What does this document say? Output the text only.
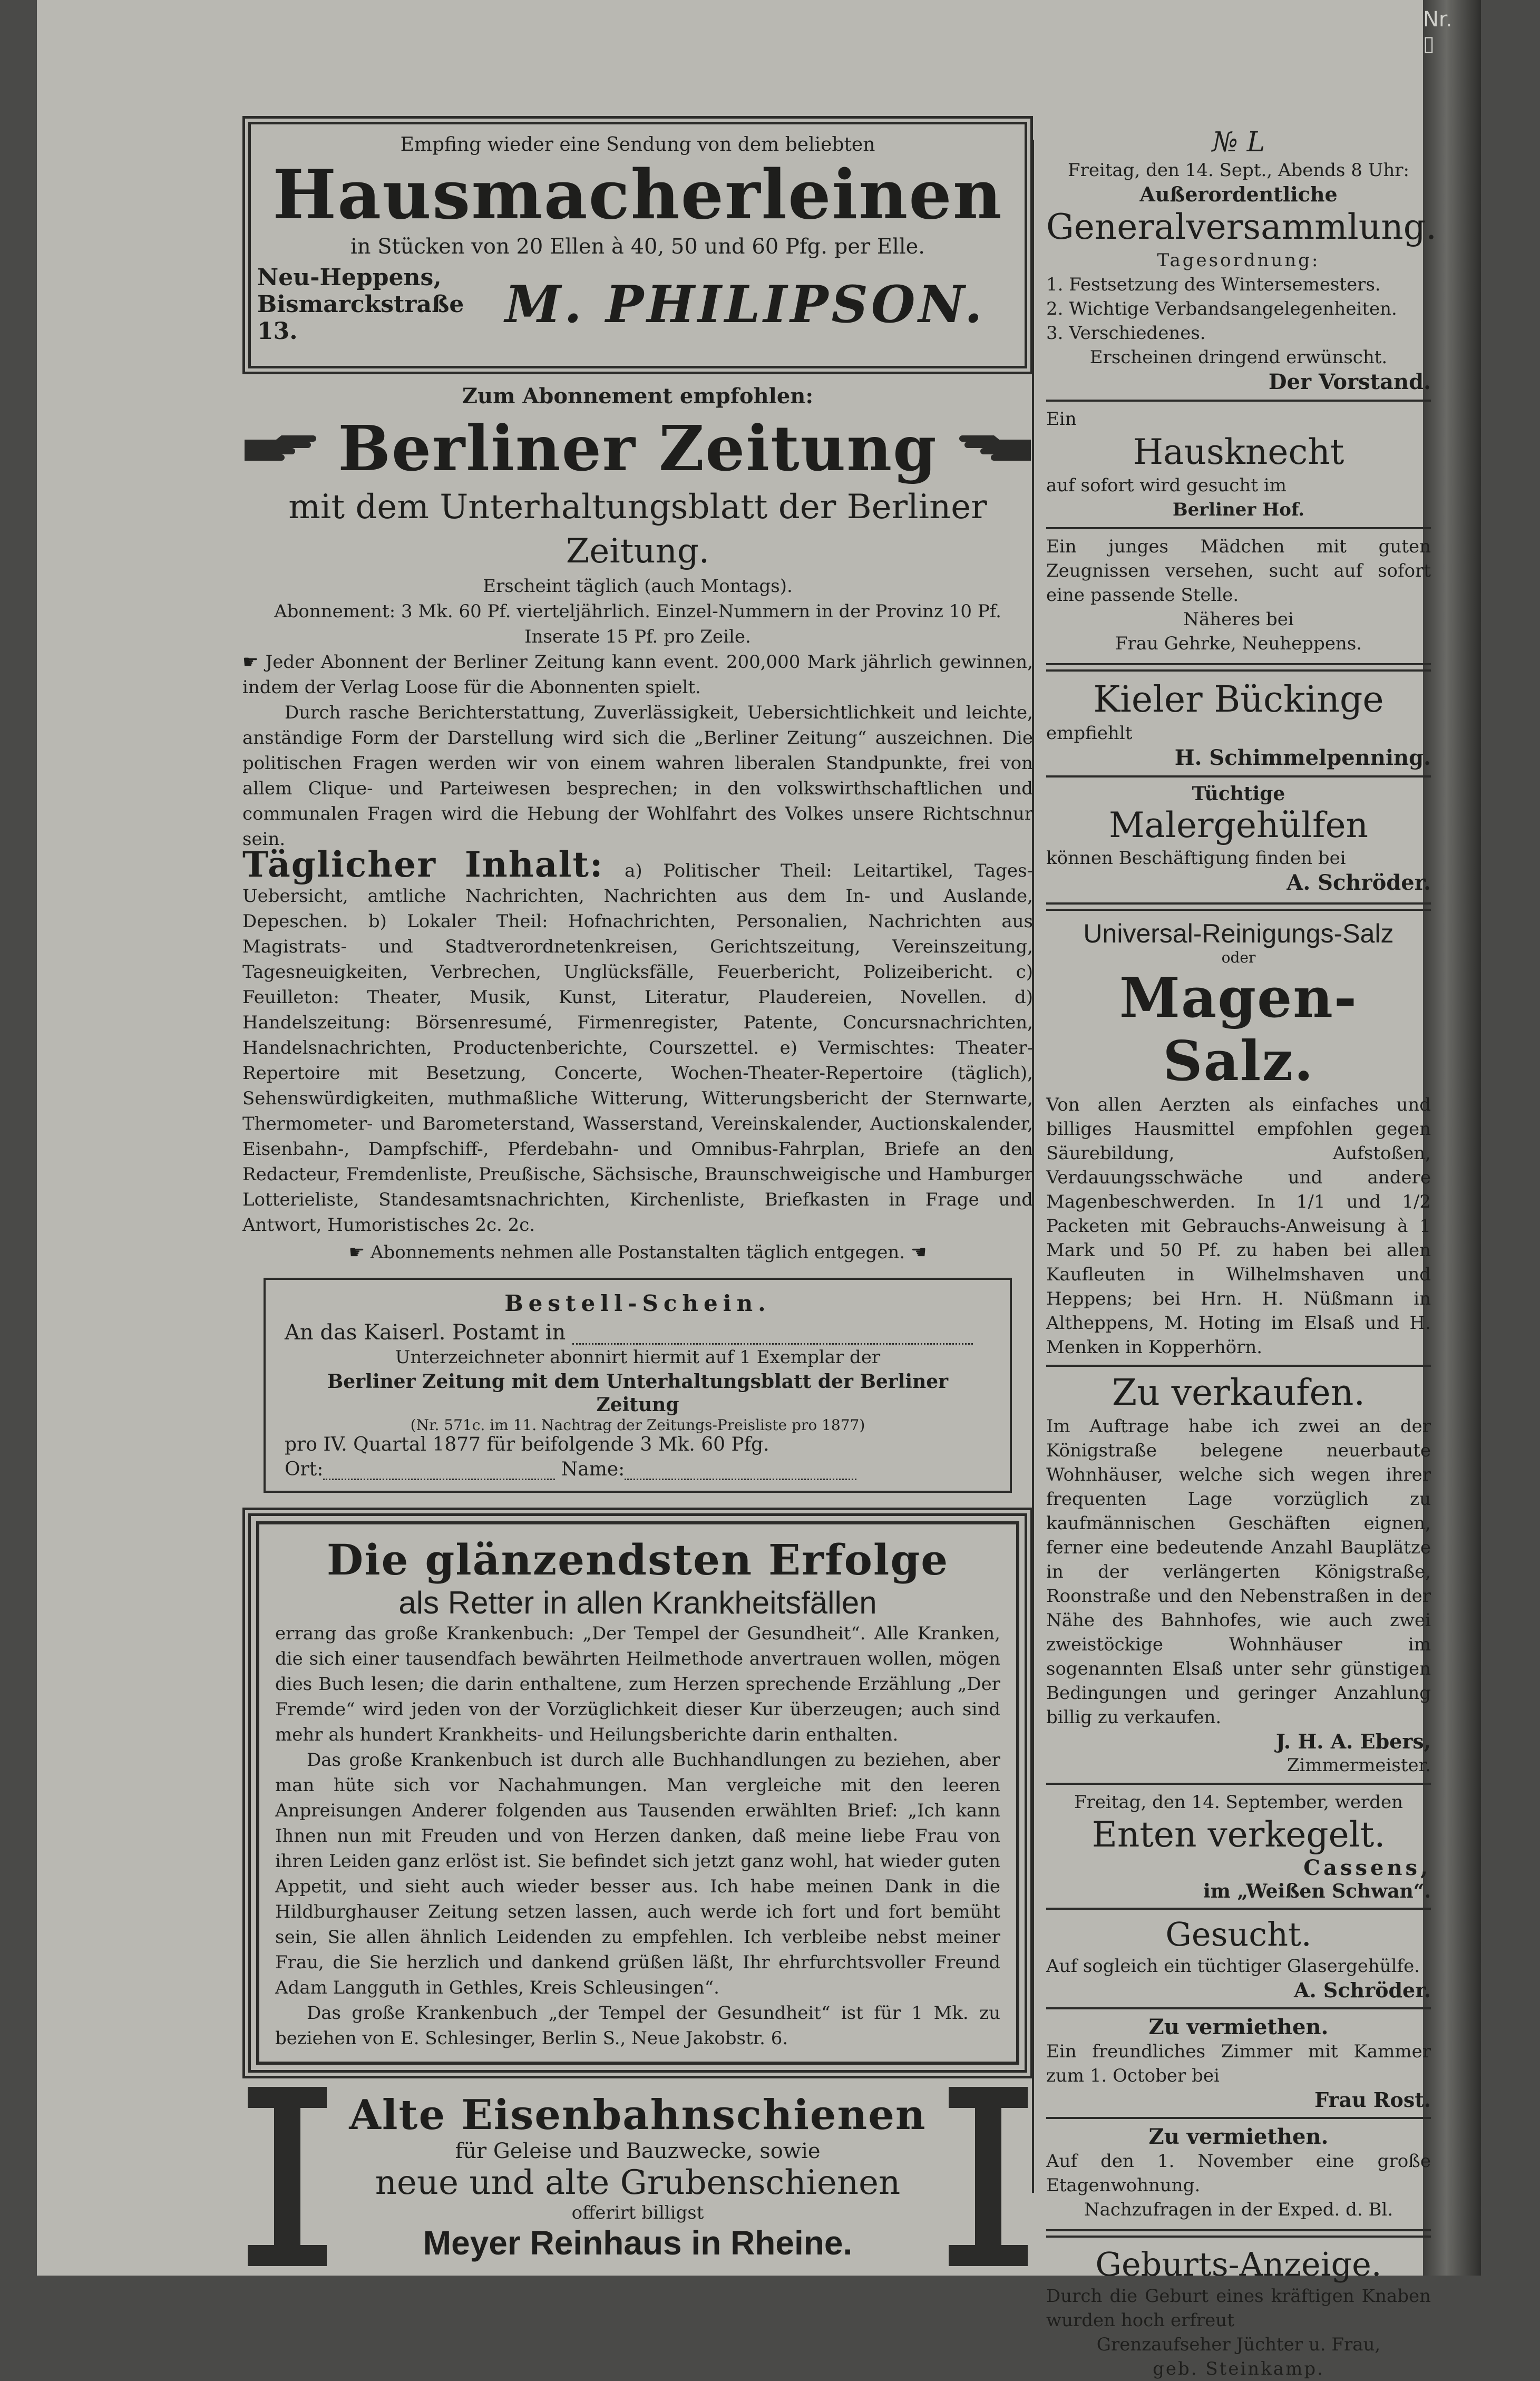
Nr. ▯

Empfing wieder eine Sendung von dem beliebten

Hausmacherleinen

in Stücken von 20 Ellen à 40, 50 und 60 Pfg. per Elle.

Neu-Heppens,

Bismarckstraße 13.	M. PHILIPSON.

Zum Abonnement empfohlen:

Berliner Zeitung

mit dem Unterhaltungsblatt der Berliner Zeitung.

Erscheint täglich (auch Montags).

Abonnement: 3 Mk. 60 Pf. vierteljährlich. Einzel-Nummern in der Provinz 10 Pf.

Inserate 15 Pf. pro Zeile.

☛ Jeder Abonnent der Berliner Zeitung kann event. 200,000 Mark jährlich gewinnen, indem der Verlag Loose für die Abonnenten spielt.

Durch rasche Berichterstattung, Zuverlässigkeit, Uebersichtlichkeit und leichte, anständige Form der Darstellung wird sich die „Berliner Zeitung“ auszeichnen. Die politischen Fragen werden wir von einem wahren liberalen Standpunkte, frei von allem Clique- und Parteiwesen besprechen; in den volkswirthschaftlichen und communalen Fragen wird die Hebung der Wohlfahrt des Volkes unsere Richtschnur sein.

Täglicher Inhalt: a) Politischer Theil: Leitartikel, Tages-Uebersicht, amtliche Nachrichten, Nachrichten aus dem In- und Auslande, Depeschen. b) Lokaler Theil: Hofnachrichten, Personalien, Nachrichten aus Magistrats- und Stadtverordnetenkreisen, Gerichtszeitung, Vereinszeitung, Tagesneuigkeiten, Verbrechen, Unglücksfälle, Feuerbericht, Polizeibericht. c) Feuilleton: Theater, Musik, Kunst, Literatur, Plaudereien, Novellen. d) Handelszeitung: Börsenresumé, Firmenregister, Patente, Concursnachrichten, Handelsnachrichten, Productenberichte, Courszettel. e) Vermischtes: Theater-Repertoire mit Besetzung, Concerte, Wochen-Theater-Repertoire (täglich), Sehenswürdigkeiten, muthmaßliche Witterung, Witterungsbericht der Sternwarte, Thermometer- und Barometerstand, Wasserstand, Vereinskalender, Auctionskalender, Eisenbahn-, Dampfschiff-, Pferdebahn- und Omnibus-Fahrplan, Briefe an den Redacteur, Fremdenliste, Preußische, Sächsische, Braunschweigische und Hamburger Lotterieliste, Standesamtsnachrichten, Kirchenliste, Briefkasten in Frage und Antwort, Humoristisches 2c. 2c.

☛ Abonnements nehmen alle Postanstalten täglich entgegen. ☚

Bestell-Schein.

An das Kaiserl. Postamt in

Unterzeichneter abonnirt hiermit auf 1 Exemplar der

Berliner Zeitung mit dem Unterhaltungsblatt der Berliner Zeitung

(Nr. 571c. im 11. Nachtrag der Zeitungs-Preisliste pro 1877)

pro IV. Quartal 1877 für beifolgende 3 Mk. 60 Pfg.

Ort:	Name:

Die glänzendsten Erfolge

als Retter in allen Krankheitsfällen

errang das große Krankenbuch: „Der Tempel der Gesundheit“. Alle Kranken, die sich einer tausendfach bewährten Heilmethode anvertrauen wollen, mögen dies Buch lesen; die darin enthaltene, zum Herzen sprechende Erzählung „Der Fremde“ wird jeden von der Vorzüglichkeit dieser Kur überzeugen; auch sind mehr als hundert Krankheits- und Heilungsberichte darin enthalten.

Das große Krankenbuch ist durch alle Buchhandlungen zu beziehen, aber man hüte sich vor Nachahmungen. Man vergleiche mit den leeren Anpreisungen Anderer folgenden aus Tausenden erwählten Brief: „Ich kann Ihnen nun mit Freuden und von Herzen danken, daß meine liebe Frau von ihren Leiden ganz erlöst ist. Sie befindet sich jetzt ganz wohl, hat wieder guten Appetit, und sieht auch wieder besser aus. Ich habe meinen Dank in die Hildburghauser Zeitung setzen lassen, auch werde ich fort und fort bemüht sein, Sie allen ähnlich Leidenden zu empfehlen. Ich verbleibe nebst meiner Frau, die Sie herzlich und dankend grüßen läßt, Ihr ehrfurchtsvoller Freund Adam Langguth in Gethles, Kreis Schleusingen“.

Das große Krankenbuch „der Tempel der Gesundheit“ ist für 1 Mk. zu beziehen von E. Schlesinger, Berlin S., Neue Jakobstr. 6.

Alte Eisenbahnschienen

für Geleise und Bauzwecke, sowie

neue und alte Grubenschienen

offerirt billigst

Meyer Reinhaus in Rheine.

№ L

Freitag, den 14. Sept., Abends 8 Uhr:

Außerordentliche

Generalversammlung.

Tagesordnung:

1. Festsetzung des Wintersemesters.

2. Wichtige Verbandsangelegenheiten.

3. Verschiedenes.

Erscheinen dringend erwünscht.

Der Vorstand.

Ein

Hausknecht

auf sofort wird gesucht im

Berliner Hof.

Ein junges Mädchen mit guten Zeugnissen versehen, sucht auf sofort eine passende Stelle.

Näheres bei

Frau Gehrke, Neuheppens.

Kieler Bückinge

empfiehlt

H. Schimmelpenning.

Tüchtige

Malergehülfen

können Beschäftigung finden bei

A. Schröder.

Universal-Reinigungs-Salz

oder

Magen-Salz.

Von allen Aerzten als einfaches und billiges Hausmittel empfohlen gegen Säurebildung, Aufstoßen, Verdauungsschwäche und andere Magenbeschwerden. In 1/1 und 1/2 Packeten mit Gebrauchs-Anweisung à 1 Mark und 50 Pf. zu haben bei allen Kaufleuten in Wilhelmshaven und Heppens; bei Hrn. H. Nüßmann in Altheppens, M. Hoting im Elsaß und H. Menken in Kopperhörn.

Zu verkaufen.

Im Auftrage habe ich zwei an der Königstraße belegene neuerbaute Wohnhäuser, welche sich wegen ihrer frequenten Lage vorzüglich zu kaufmännischen Geschäften eignen, ferner eine bedeutende Anzahl Bauplätze in der verlängerten Königstraße, Roonstraße und den Nebenstraßen in der Nähe des Bahnhofes, wie auch zwei zweistöckige Wohnhäuser im sogenannten Elsaß unter sehr günstigen Bedingungen und geringer Anzahlung billig zu verkaufen.

J. H. A. Ebers,

Zimmermeister.

Freitag, den 14. September, werden

Enten verkegelt.

Cassens,

im „Weißen Schwan“.

Gesucht.

Auf sogleich ein tüchtiger Glasergehülfe.

A. Schröder.

Zu vermiethen.

Ein freundliches Zimmer mit Kammer zum 1. October bei

Frau Rost.

Zu vermiethen.

Auf den 1. November eine große Etagenwohnung.

Nachzufragen in der Exped. d. Bl.

Geburts-Anzeige.

Durch die Geburt eines kräftigen Knaben wurden hoch erfreut

Grenzaufseher Jüchter u. Frau,

geb. Steinkamp.
